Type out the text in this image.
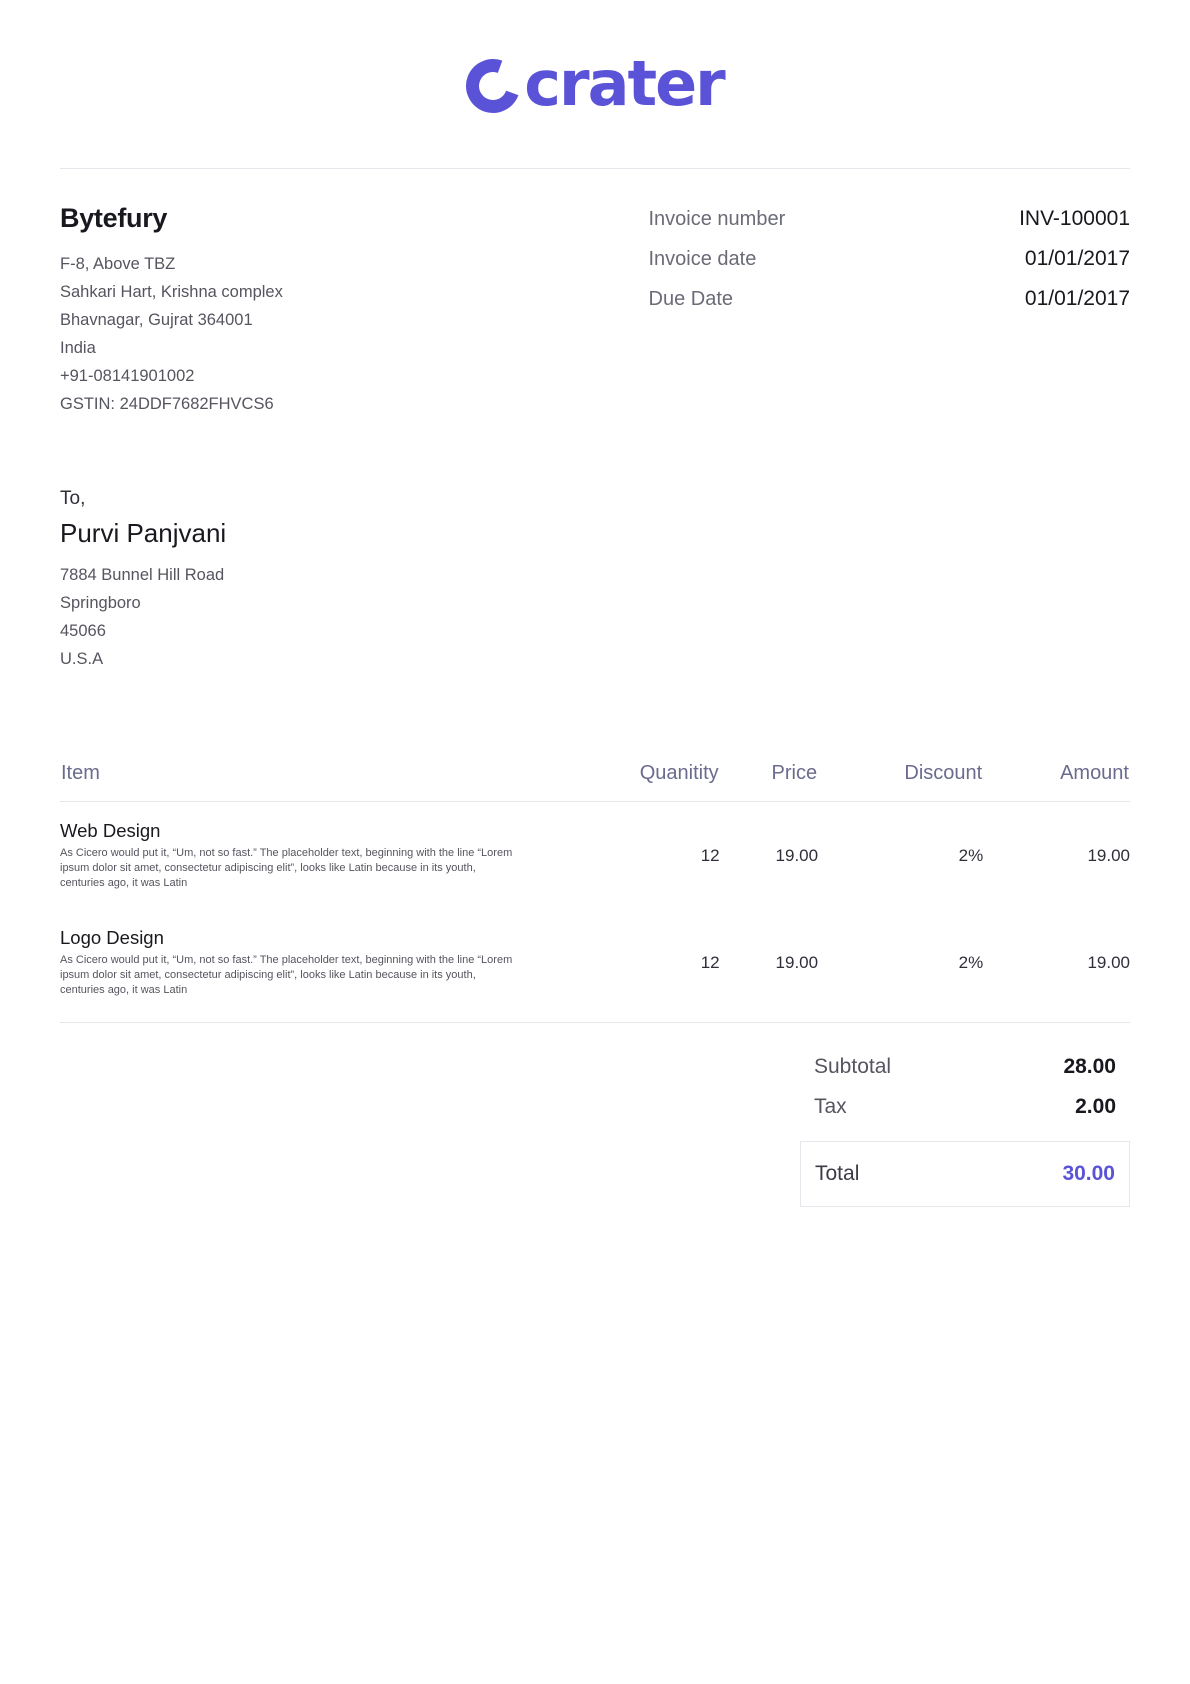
crater
Bytefury
F-8, Above TBZ
Sahkari Hart, Krishna complex
Bhavnagar, Gujrat 364001
India
+91-08141901002
GSTIN: 24DDF7682FHVCS6
Invoice number	INV-100001
Invoice date	01/01/2017
Due Date	01/01/2017
To,
Purvi Panjvani
7884 Bunnel Hill Road
Springboro
45066
U.S.A
Item	Quanitity	Price	Discount	Amount

Web Design
As Cicero would put it, “Um, not so fast.” The placeholder text, beginning with the line “Lorem ipsum dolor sit amet, consectetur adipiscing elit”, looks like Latin because in its youth, centuries ago, it was Latin	12	19.00	2%	19.00

Logo Design
As Cicero would put it, “Um, not so fast.” The placeholder text, beginning with the line “Lorem ipsum dolor sit amet, consectetur adipiscing elit”, looks like Latin because in its youth, centuries ago, it was Latin	12	19.00	2%	19.00
Subtotal	28.00
Tax	2.00
Total	30.00
